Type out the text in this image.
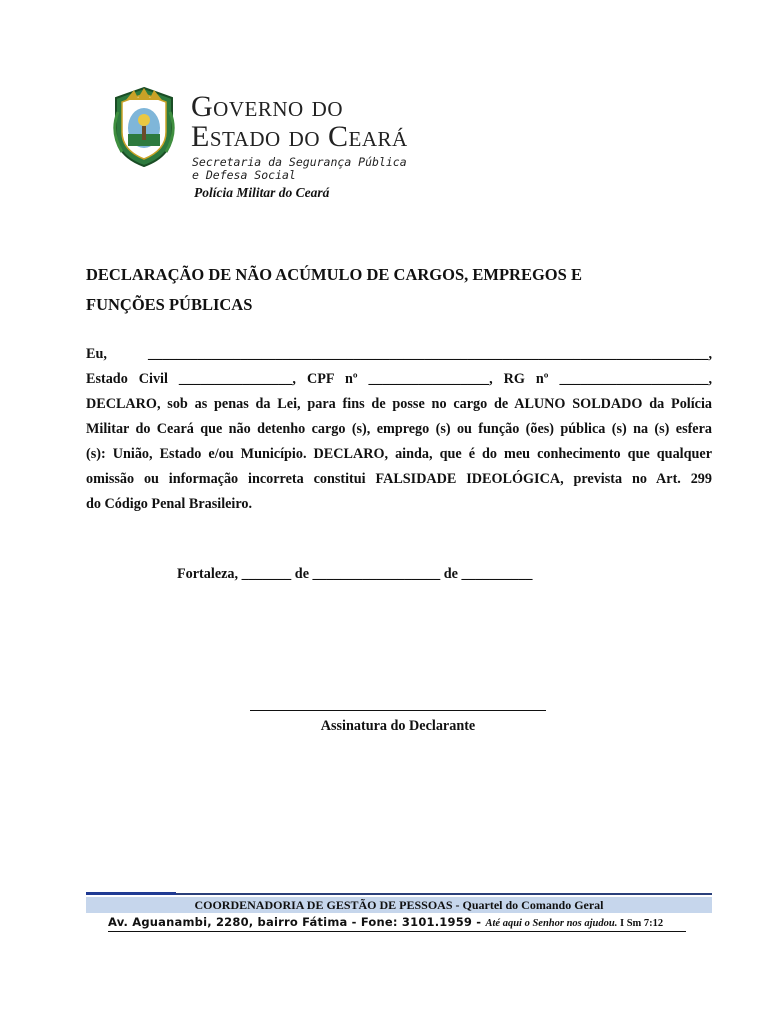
Governo do
Estado do Ceará
Secretaria da Segurança Pública
e Defesa Social
Polícia Militar do Ceará
DECLARAÇÃO DE NÃO ACÚMULO DE CARGOS, EMPREGOS E
FUNÇÕES PÚBLICAS
Eu, _______________________________________________________________________________,
Estado Civil ________________, CPF nº _________________, RG nº _____________________,
DECLARO, sob as penas da Lei, para fins de posse no cargo de ALUNO SOLDADO da Polícia
Militar do Ceará que não detenho cargo (s), emprego (s) ou função (ões) pública (s) na (s) esfera
(s): União, Estado e/ou Município. DECLARO, ainda, que é do meu conhecimento que qualquer
omissão ou informação incorreta constitui FALSIDADE IDEOLÓGICA, prevista no Art. 299
do Código Penal Brasileiro.
Fortaleza, _______ de __________________ de __________
Assinatura do Declarante
COORDENADORIA DE GESTÃO DE PESSOAS - Quartel do Comando Geral
Av. Aguanambi, 2280, bairro Fátima - Fone: 3101.1959 - Até aqui o Senhor nos ajudou. I Sm 7:12
